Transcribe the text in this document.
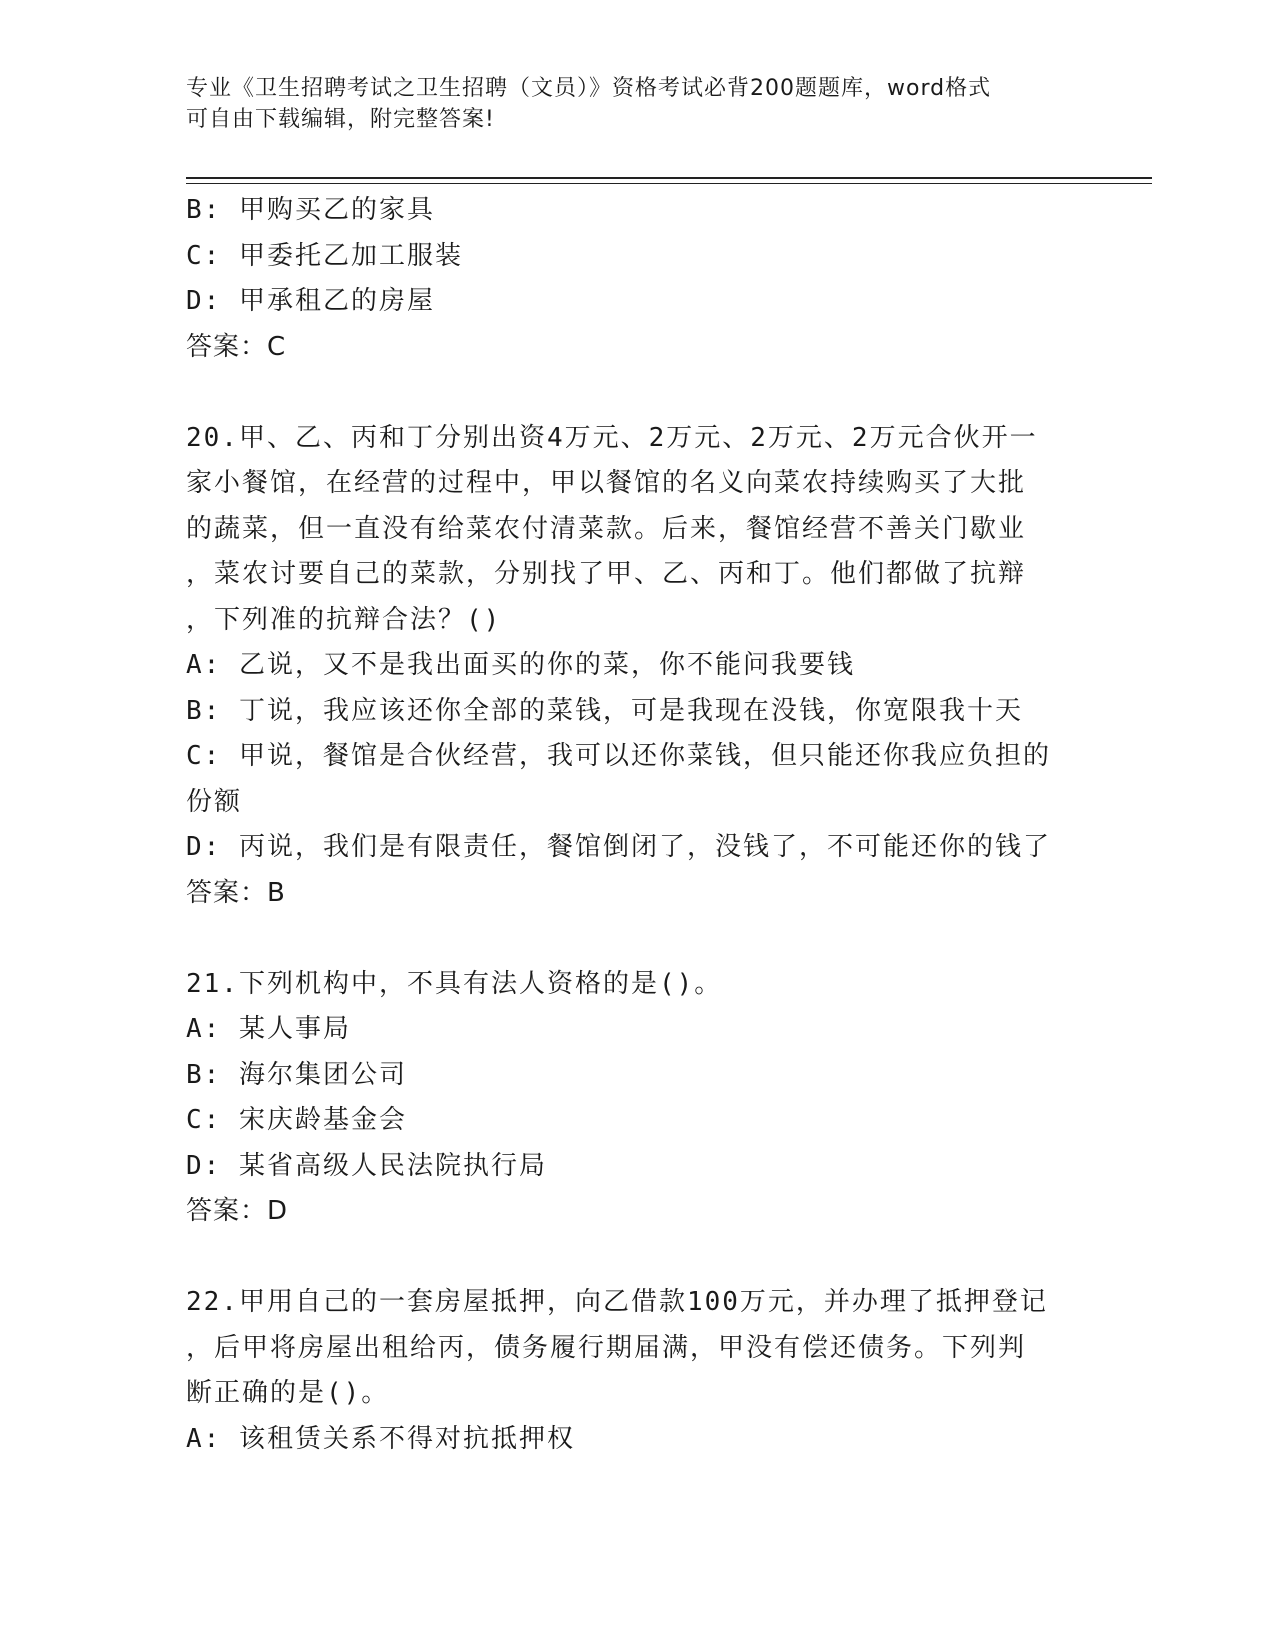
专业《卫生招聘考试之卫生招聘（文员）》资格考试必背200题题库，word格式
可自由下载编辑，附完整答案!
B: 甲购买乙的家具
C: 甲委托乙加工服装
D: 甲承租乙的房屋
答案：C
20.甲、乙、丙和丁分别出资4万元、2万元、2万元、2万元合伙开一
家小餐馆，在经营的过程中，甲以餐馆的名义向菜农持续购买了大批
的蔬菜，但一直没有给菜农付清菜款。后来，餐馆经营不善关门歇业
，菜农讨要自己的菜款，分别找了甲、乙、丙和丁。他们都做了抗辩
，下列准的抗辩合法？()
A: 乙说，又不是我出面买的你的菜，你不能问我要钱
B: 丁说，我应该还你全部的菜钱，可是我现在没钱，你宽限我十天
C: 甲说，餐馆是合伙经营，我可以还你菜钱，但只能还你我应负担的
份额
D: 丙说，我们是有限责任，餐馆倒闭了，没钱了，不可能还你的钱了
答案：B
21.下列机构中，不具有法人资格的是()。
A: 某人事局
B: 海尔集团公司
C: 宋庆龄基金会
D: 某省高级人民法院执行局
答案：D
22.甲用自己的一套房屋抵押，向乙借款100万元，并办理了抵押登记
，后甲将房屋出租给丙，债务履行期届满，甲没有偿还债务。下列判
断正确的是()。
A: 该租赁关系不得对抗抵押权
